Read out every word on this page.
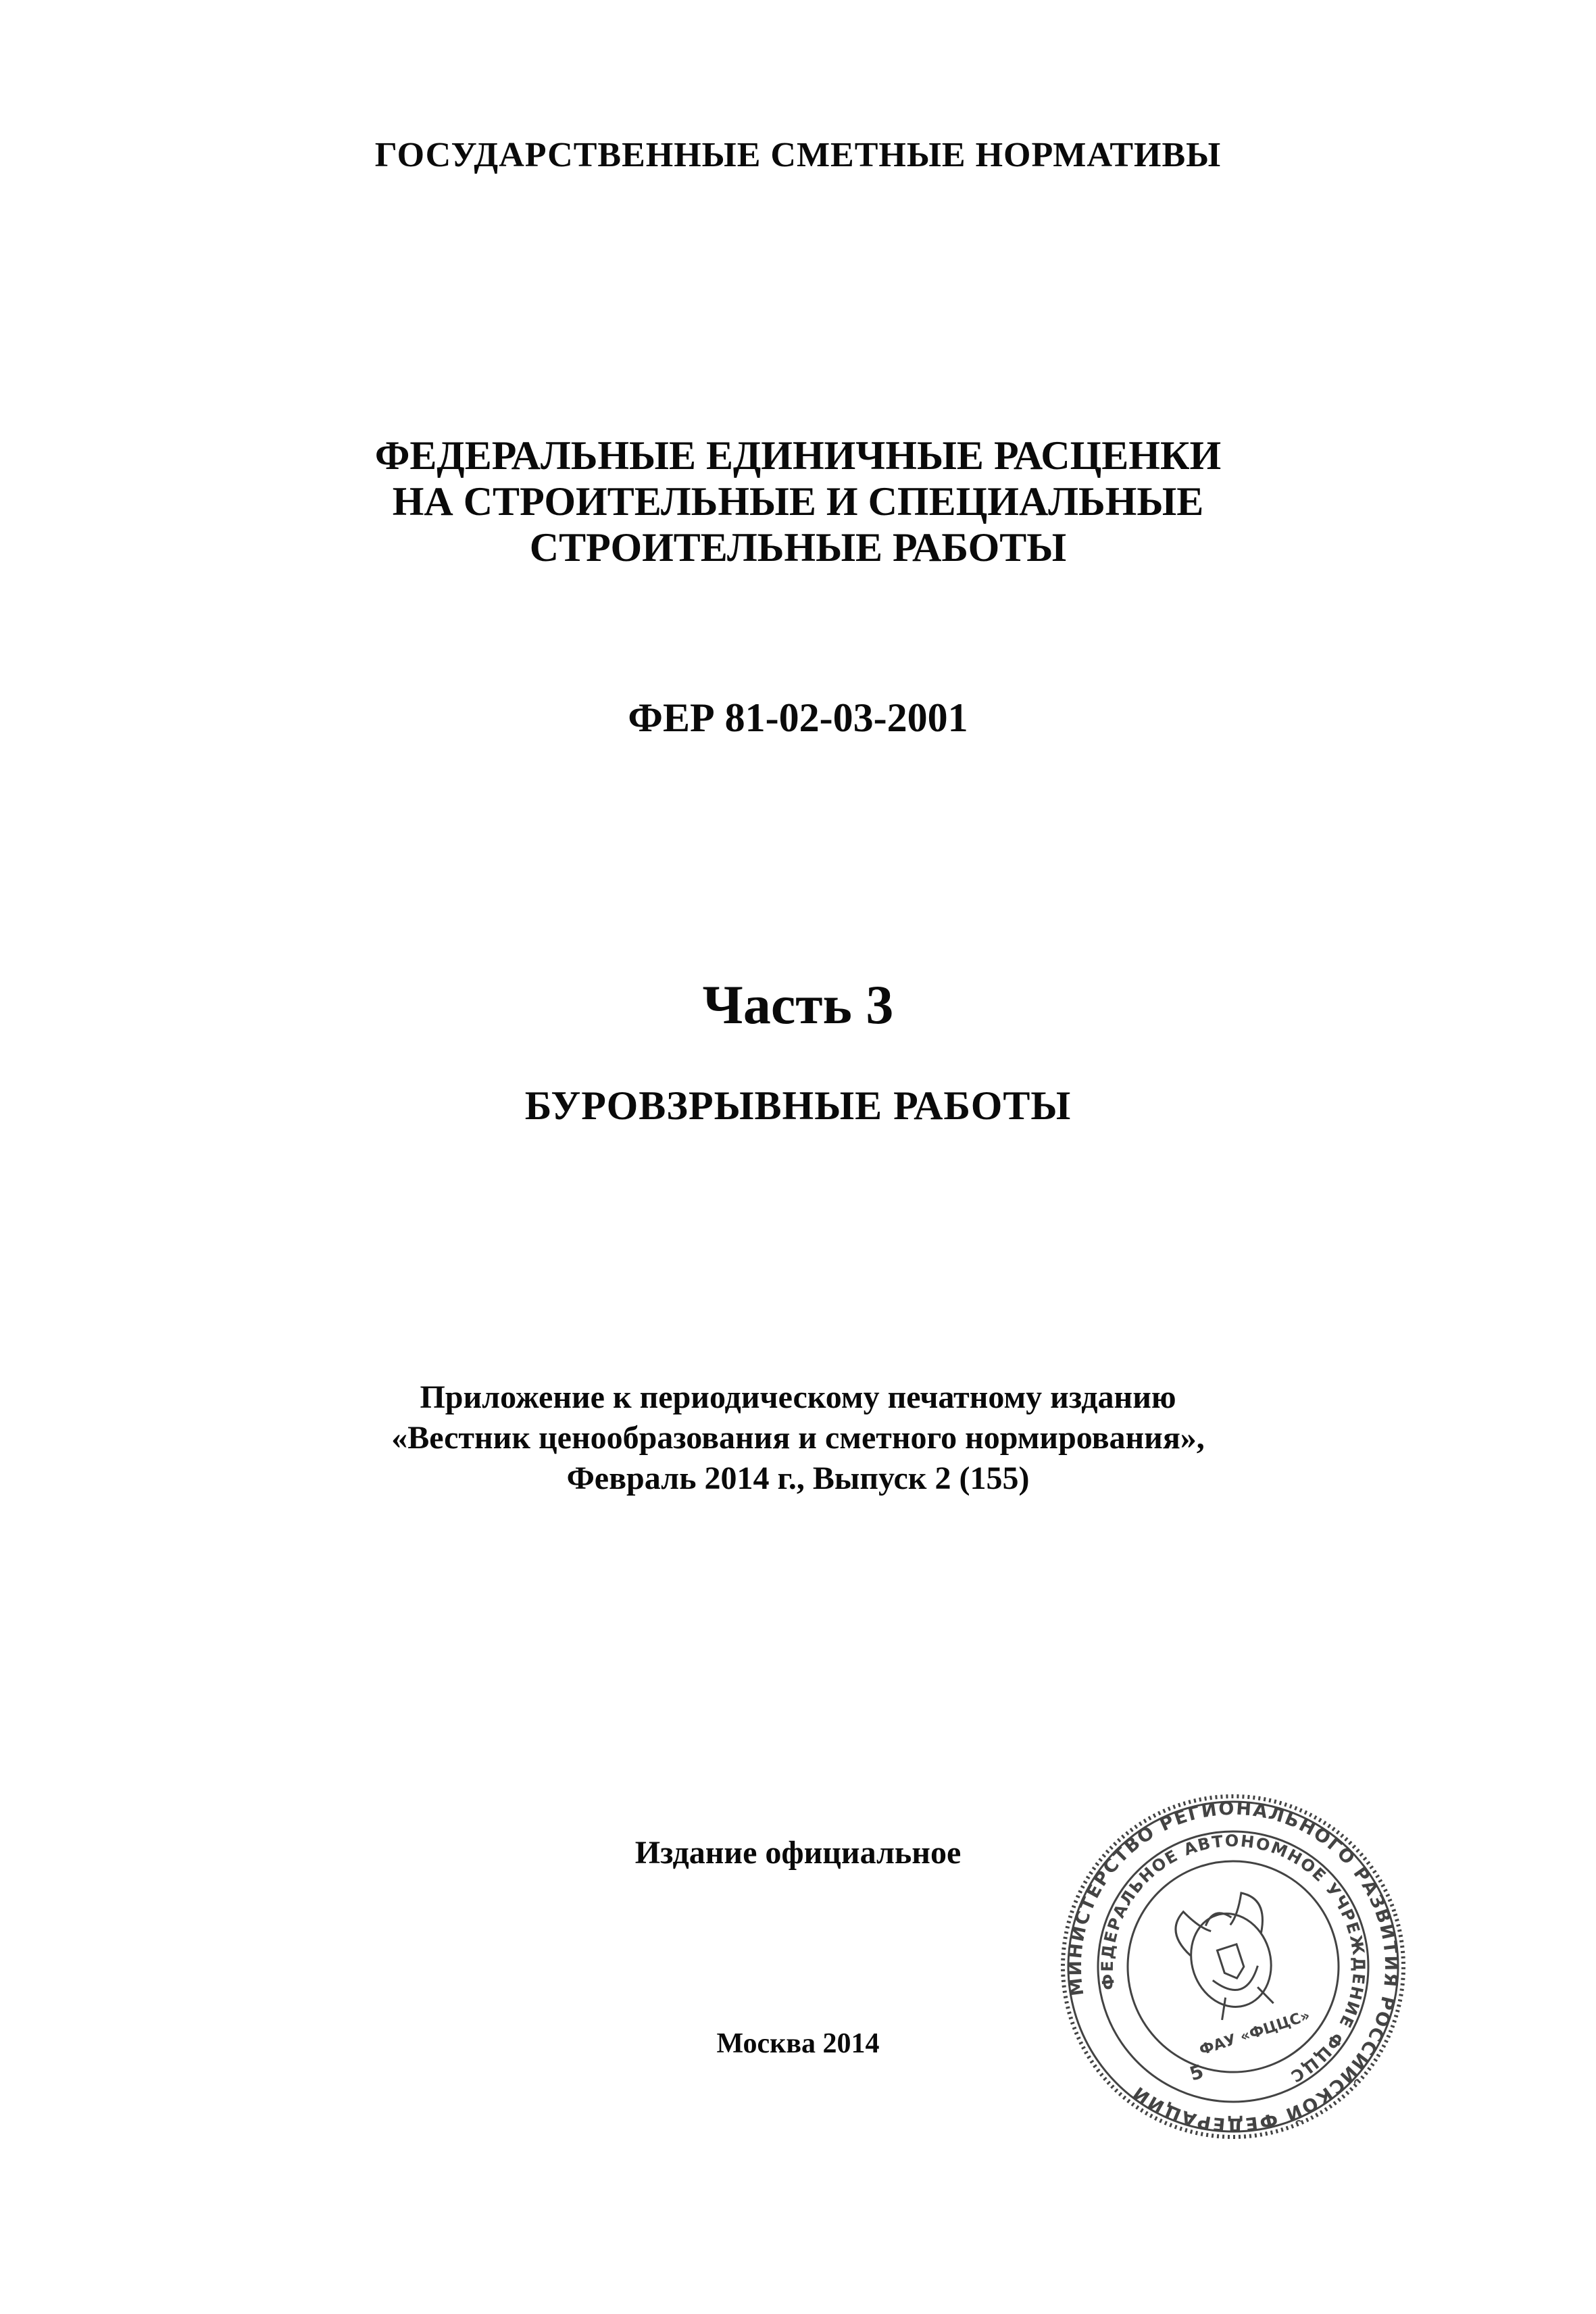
ГОСУДАРСТВЕННЫЕ СМЕТНЫЕ НОРМАТИВЫ
ФЕДЕРАЛЬНЫЕ ЕДИНИЧНЫЕ РАСЦЕНКИ
НА СТРОИТЕЛЬНЫЕ И СПЕЦИАЛЬНЫЕ
СТРОИТЕЛЬНЫЕ РАБОТЫ
ФЕР 81-02-03-2001
Часть 3
БУРОВЗРЫВНЫЕ РАБОТЫ
Приложение к периодическому печатному изданию
«Вестник ценообразования и сметного нормирования»,
Февраль 2014 г., Выпуск 2 (155)
Издание официальное
Москва 2014
МИНИСТЕРСТВО РЕГИОНАЛЬНОГО РАЗВИТИЯ РОССИЙСКОЙ ФЕДЕРАЦИИ
ФЕДЕРАЛЬНОЕ АВТОНОМНОЕ УЧРЕЖДЕНИЕ ФЦЦС
ФАУ «ФЦЦС»
5
